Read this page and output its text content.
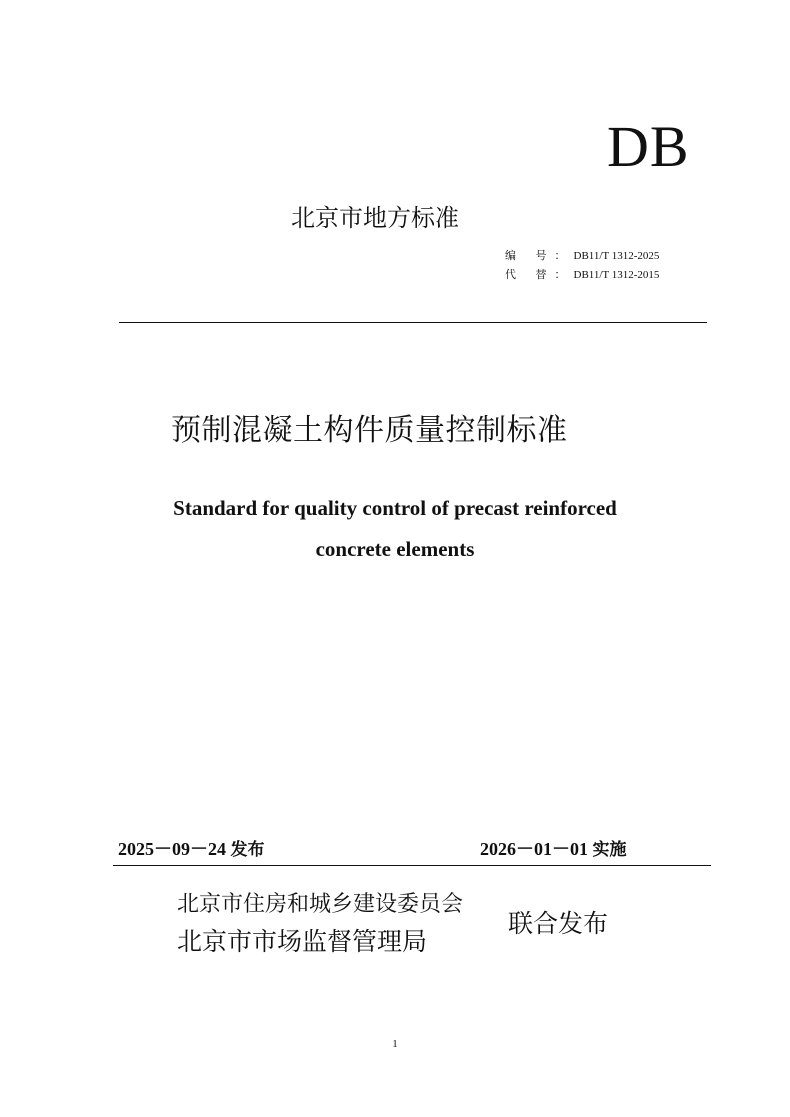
DB
北京市地方标准
编 号：DB11/T 1312-2025
代 替：DB11/T 1312-2015
预制混凝土构件质量控制标准
Standard for quality control of precast reinforced
concrete elements
2025－09－24 发布	2026－01－01 实施
北京市住房和城乡建设委员会
北京市市场监督管理局
联合发布
1
